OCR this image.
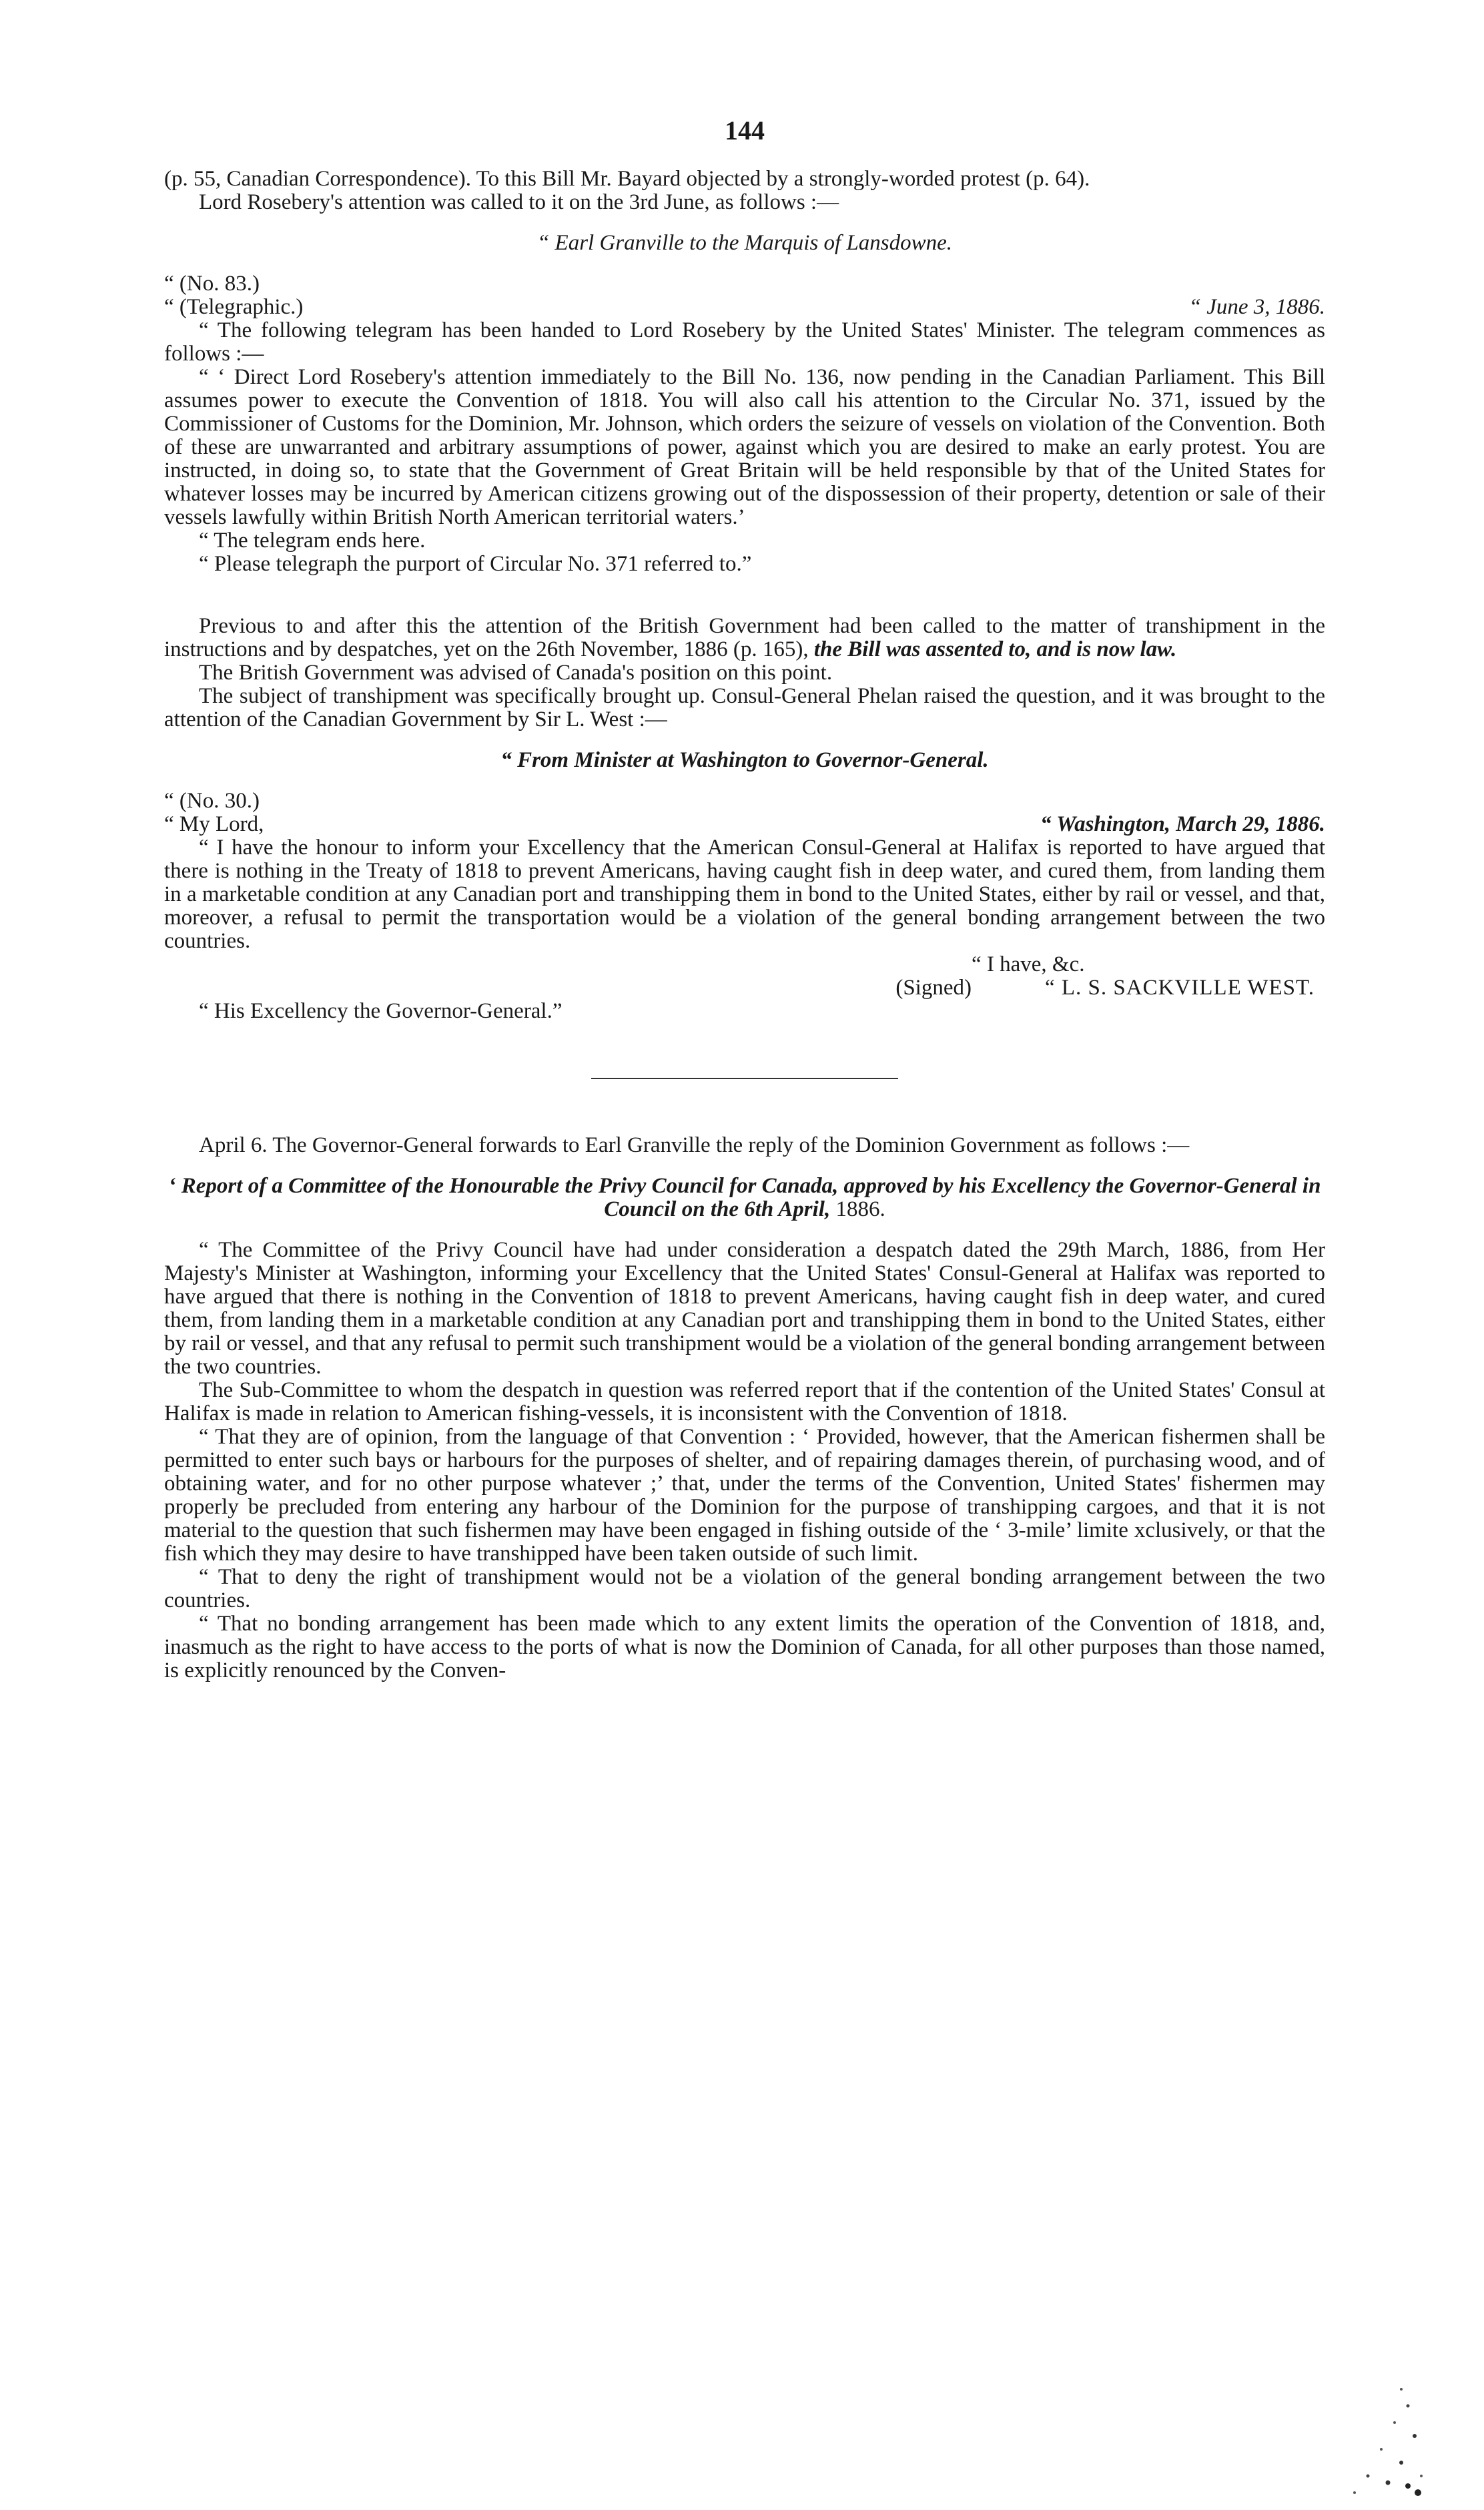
144

(p. 55, Canadian Correspondence). To this Bill Mr. Bayard objected by a strongly-worded protest (p. 64).

Lord Rosebery's attention was called to it on the 3rd June, as follows :—

“ Earl Granville to the Marquis of Lansdowne.

“ (No. 83.)

“ (Telegraphic.)	“ June 3, 1886.

“ The following telegram has been handed to Lord Rosebery by the United States' Minister. The telegram commences as follows :—

“ ‘ Direct Lord Rosebery's attention immediately to the Bill No. 136, now pending in the Canadian Parliament. This Bill assumes power to execute the Convention of 1818. You will also call his attention to the Circular No. 371, issued by the Commissioner of Customs for the Dominion, Mr. Johnson, which orders the seizure of vessels on violation of the Convention. Both of these are unwarranted and arbitrary assumptions of power, against which you are desired to make an early protest. You are instructed, in doing so, to state that the Government of Great Britain will be held responsible by that of the United States for whatever losses may be incurred by American citizens growing out of the dispossession of their property, detention or sale of their vessels lawfully within British North American territorial waters.’

“ The telegram ends here.

“ Please telegraph the purport of Circular No. 371 referred to.”

Previous to and after this the attention of the British Government had been called to the matter of transhipment in the instructions and by despatches, yet on the 26th November, 1886 (p. 165), the Bill was assented to, and is now law.

The British Government was advised of Canada's position on this point.

The subject of transhipment was specifically brought up. Consul-General Phelan raised the question, and it was brought to the attention of the Canadian Government by Sir L. West :—

“ From Minister at Washington to Governor-General.

“ (No. 30.)

“ My Lord,	“ Washington, March 29, 1886.

“ I have the honour to inform your Excellency that the American Consul-General at Halifax is reported to have argued that there is nothing in the Treaty of 1818 to prevent Americans, having caught fish in deep water, and cured them, from landing them in a marketable condition at any Canadian port and transhipping them in bond to the United States, either by rail or vessel, and that, moreover, a refusal to permit the transportation would be a violation of the general bonding arrangement between the two countries.

“ I have, &c.

(Signed)	“ L. S. SACKVILLE WEST.

“ His Excellency the Governor-General.”

April 6. The Governor-General forwards to Earl Granville the reply of the Dominion Government as follows :—

‘ Report of a Committee of the Honourable the Privy Council for Canada, approved by his Excellency the Governor-General in Council on the 6th April, 1886.

“ The Committee of the Privy Council have had under consideration a despatch dated the 29th March, 1886, from Her Majesty's Minister at Washington, informing your Excellency that the United States' Consul-General at Halifax was reported to have argued that there is nothing in the Convention of 1818 to prevent Americans, having caught fish in deep water, and cured them, from landing them in a marketable condition at any Canadian port and transhipping them in bond to the United States, either by rail or vessel, and that any refusal to permit such transhipment would be a violation of the general bonding arrangement between the two countries.

The Sub-Committee to whom the despatch in question was referred report that if the contention of the United States' Consul at Halifax is made in relation to American fishing-vessels, it is inconsistent with the Convention of 1818.

“ That they are of opinion, from the language of that Convention : ‘ Provided, however, that the American fishermen shall be permitted to enter such bays or harbours for the purposes of shelter, and of repairing damages therein, of purchasing wood, and of obtaining water, and for no other purpose whatever ;’ that, under the terms of the Convention, United States' fishermen may properly be precluded from entering any harbour of the Dominion for the purpose of transhipping cargoes, and that it is not material to the question that such fishermen may have been engaged in fishing outside of the ‘ 3-mile’ limite xclusively, or that the fish which they may desire to have transhipped have been taken outside of such limit.

“ That to deny the right of transhipment would not be a violation of the general bonding arrangement between the two countries.

“ That no bonding arrangement has been made which to any extent limits the operation of the Convention of 1818, and, inasmuch as the right to have access to the ports of what is now the Dominion of Canada, for all other purposes than those named, is explicitly renounced by the Conven-
